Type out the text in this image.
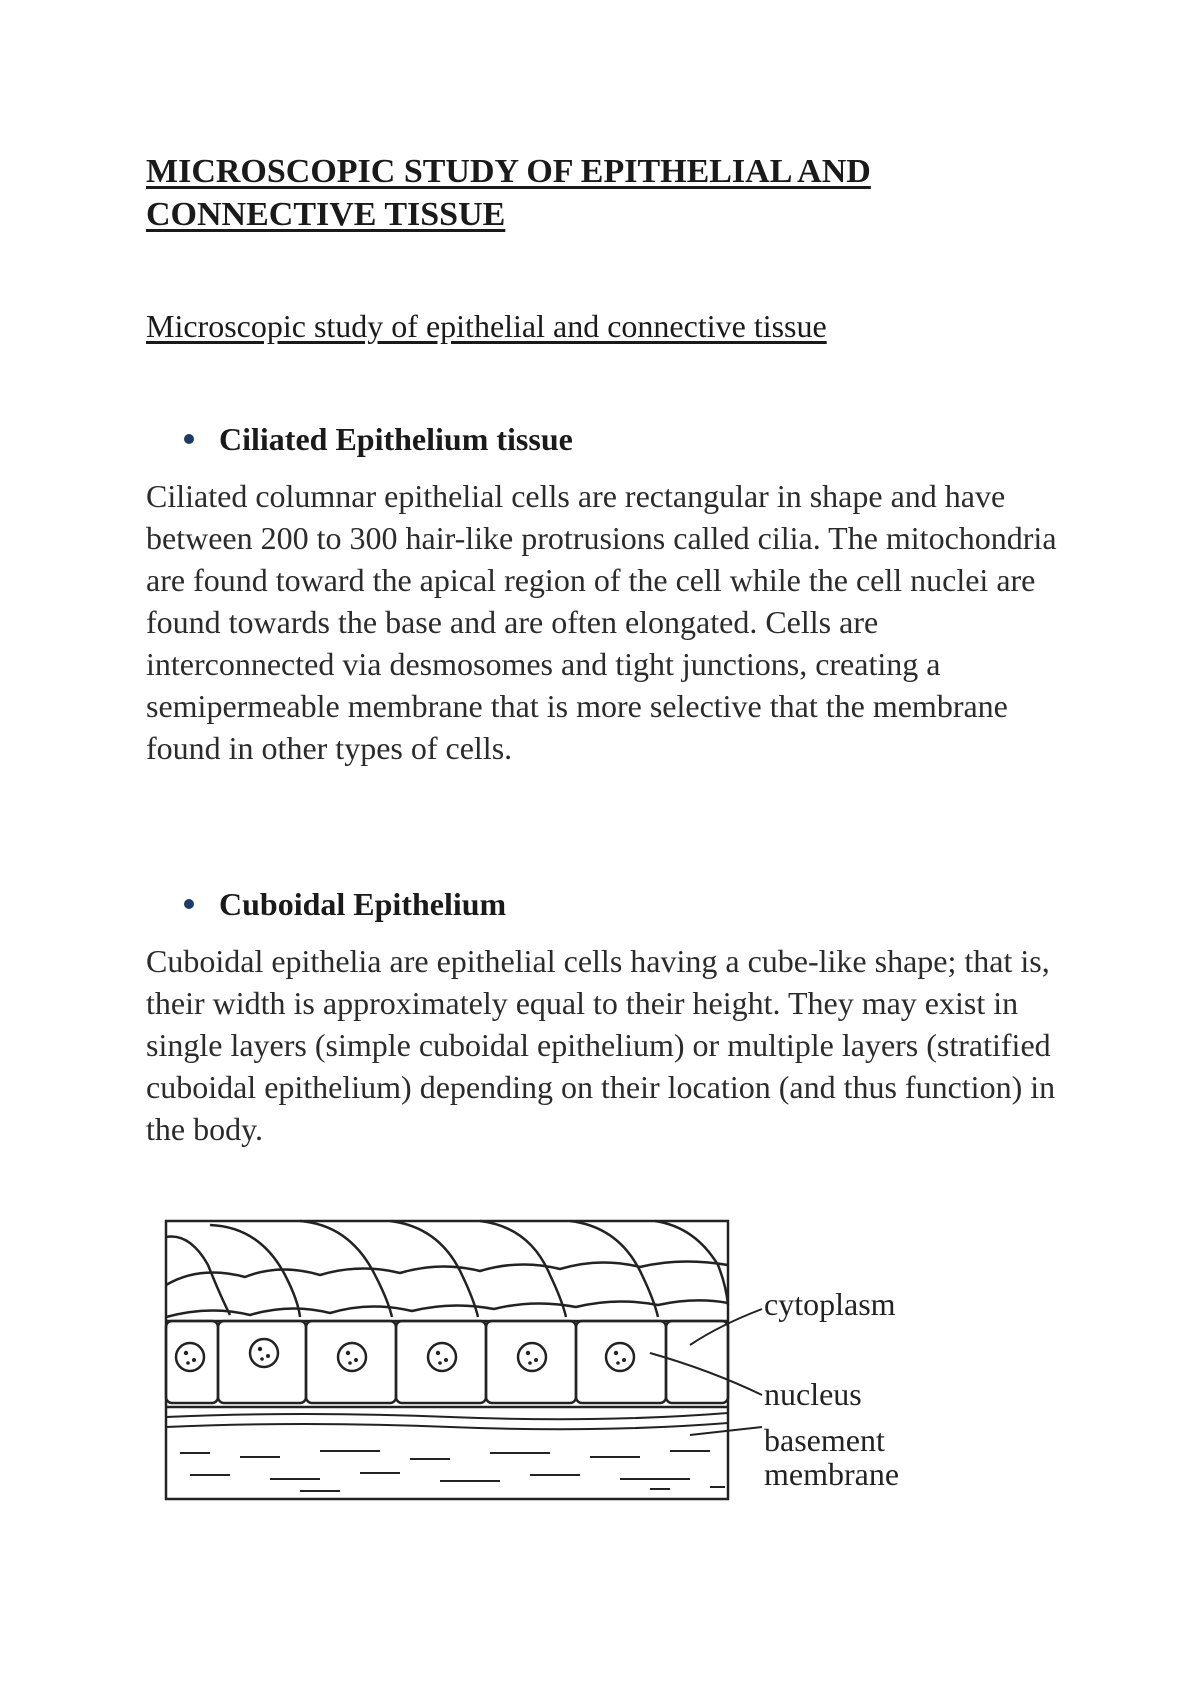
MICROSCOPIC STUDY OF EPITHELIAL AND CONNECTIVE TISSUE

Microscopic study of epithelial and connective tissue

Ciliated Epithelium tissue

Ciliated columnar epithelial cells are rectangular in shape and have between 200 to 300 hair-like protrusions called cilia. The mitochondria are found toward the apical region of the cell while the cell nuclei are found towards the base and are often elongated. Cells are interconnected via desmosomes and tight junctions, creating a semipermeable membrane that is more selective that the membrane found in other types of cells.

Cuboidal Epithelium

Cuboidal epithelia are epithelial cells having a cube-like shape; that is, their width is approximately equal to their height. They may exist in single layers (simple cuboidal epithelium) or multiple layers (stratified cuboidal epithelium) depending on their location (and thus function) in the body.

cytoplasm
nucleus
basement
membrane
